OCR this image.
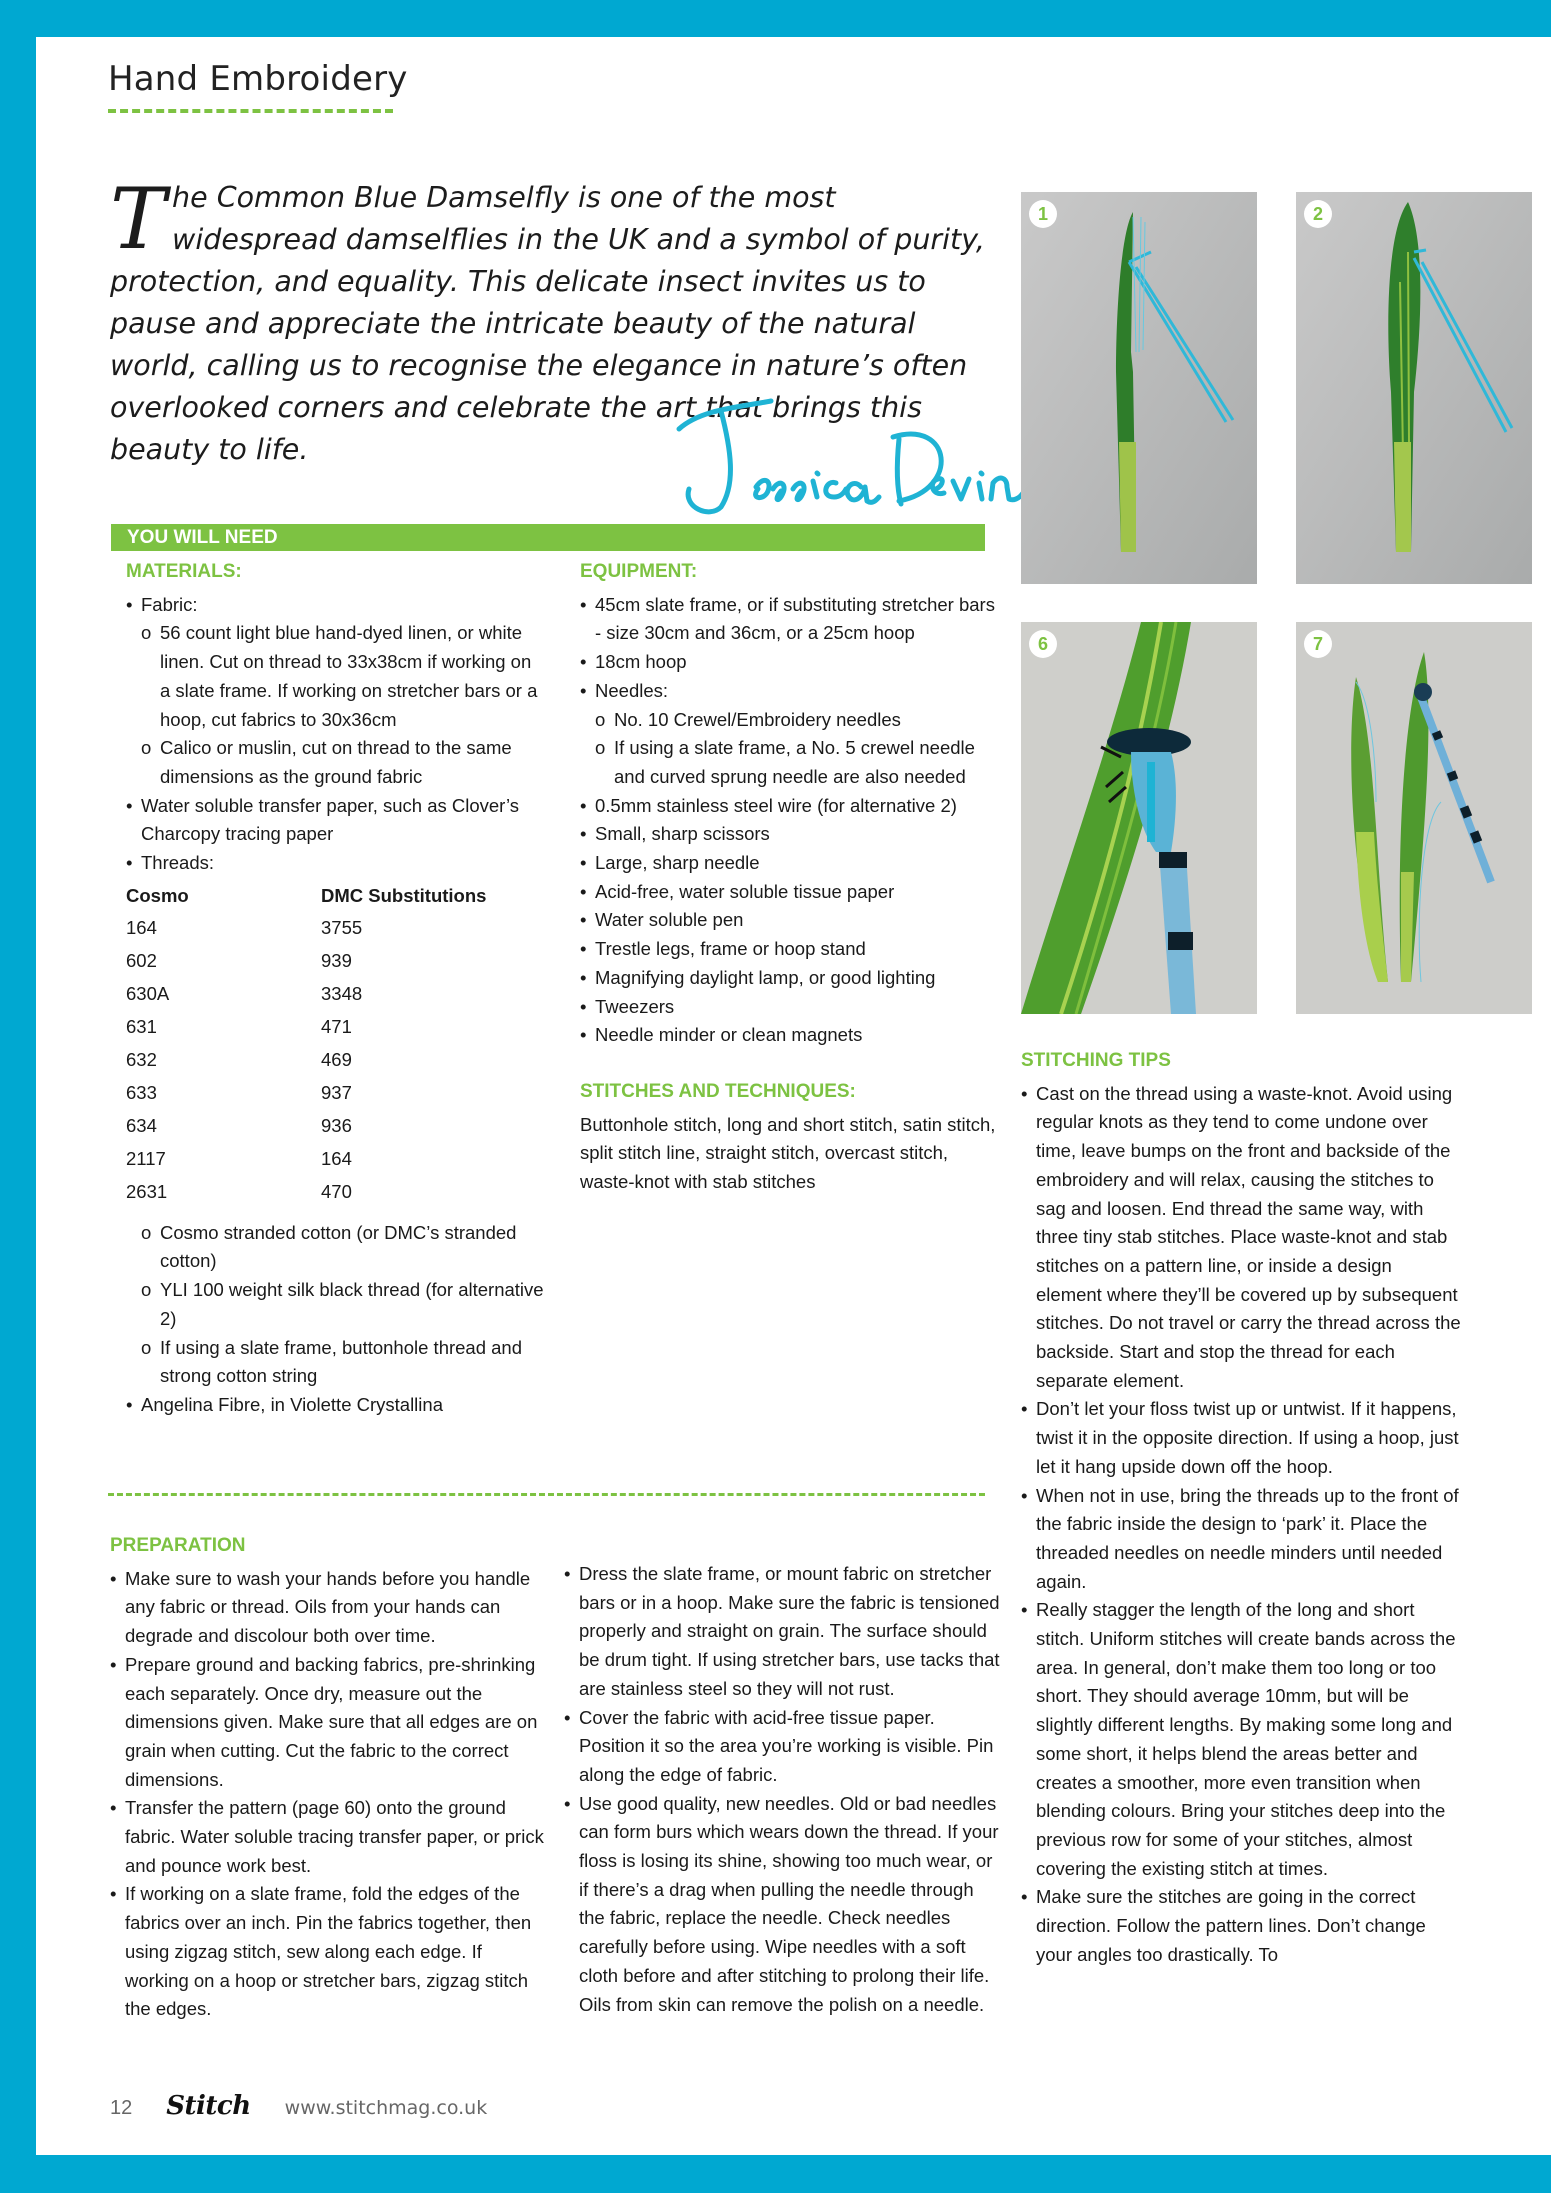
Hand Embroidery
T he Common Blue Damselfly is one of the most widespread damselflies in the UK and a symbol of purity, protection, and equality. This delicate insect invites us to pause and appreciate the intricate beauty of the natural world, calling us to recognise the elegance in nature’s often overlooked corners and celebrate the art that brings this beauty to life.

YOU WILL NEED
MATERIALS:
• Fabric:
o 56 count light blue hand-dyed linen, or white linen. Cut on thread to 33x38cm if working on a slate frame. If working on stretcher bars or a hoop, cut fabrics to 30x36cm
o Calico or muslin, cut on thread to the same dimensions as the ground fabric
• Water soluble transfer paper, such as Clover’s Charcopy tracing paper
• Threads:
Cosmo	DMC Substitutions
164	3755
602	939
630A	3348
631	471
632	469
633	937
634	936
2117	164
2631	470
o Cosmo stranded cotton (or DMC’s stranded cotton)
o YLI 100 weight silk black thread (for alternative 2)
o If using a slate frame, buttonhole thread and strong cotton string
• Angelina Fibre, in Violette Crystallina
EQUIPMENT:
• 45cm slate frame, or if substituting stretcher bars - size 30cm and 36cm, or a 25cm hoop
• 18cm hoop
• Needles:
o No. 10 Crewel/Embroidery needles
o If using a slate frame, a No. 5 crewel needle and curved sprung needle are also needed
• 0.5mm stainless steel wire (for alternative 2)
• Small, sharp scissors
• Large, sharp needle
• Acid-free, water soluble tissue paper
• Water soluble pen
• Trestle legs, frame or hoop stand
• Magnifying daylight lamp, or good lighting
• Tweezers
• Needle minder or clean magnets
STITCHES AND TECHNIQUES:
Buttonhole stitch, long and short stitch, satin stitch, split stitch line, straight stitch, overcast stitch, waste-knot with stab stitches
PREPARATION
• Make sure to wash your hands before you handle any fabric or thread. Oils from your hands can degrade and discolour both over time.
• Prepare ground and backing fabrics, pre-shrinking each separately. Once dry, measure out the dimensions given. Make sure that all edges are on grain when cutting. Cut the fabric to the correct dimensions.
• Transfer the pattern (page 60) onto the ground fabric. Water soluble tracing transfer paper, or prick and pounce work best.
• If working on a slate frame, fold the edges of the fabrics over an inch. Pin the fabrics together, then using zigzag stitch, sew along each edge. If working on a hoop or stretcher bars, zigzag stitch the edges.
• Dress the slate frame, or mount fabric on stretcher bars or in a hoop. Make sure the fabric is tensioned properly and straight on grain. The surface should be drum tight. If using stretcher bars, use tacks that are stainless steel so they will not rust.
• Cover the fabric with acid-free tissue paper. Position it so the area you’re working is visible. Pin along the edge of fabric.
• Use good quality, new needles. Old or bad needles can form burs which wears down the thread. If your floss is losing its shine, showing too much wear, or if there’s a drag when pulling the needle through the fabric, replace the needle. Check needles carefully before using. Wipe needles with a soft cloth before and after stitching to prolong their life. Oils from skin can remove the polish on a needle.
STITCHING TIPS
• Cast on the thread using a waste-knot. Avoid using regular knots as they tend to come undone over time, leave bumps on the front and backside of the embroidery and will relax, causing the stitches to sag and loosen. End thread the same way, with three tiny stab stitches. Place waste-knot and stab stitches on a pattern line, or inside a design element where they’ll be covered up by subsequent stitches. Do not travel or carry the thread across the backside. Start and stop the thread for each separate element.
• Don’t let your floss twist up or untwist. If it happens, twist it in the opposite direction. If using a hoop, just let it hang upside down off the hoop.
• When not in use, bring the threads up to the front of the fabric inside the design to ‘park’ it. Place the threaded needles on needle minders until needed again.
• Really stagger the length of the long and short stitch. Uniform stitches will create bands across the area. In general, don’t make them too long or too short. They should average 10mm, but will be slightly different lengths. By making some long and some short, it helps blend the areas better and creates a smoother, more even transition when blending colours. Bring your stitches deep into the previous row for some of your stitches, almost covering the existing stitch at times.
• Make sure the stitches are going in the correct direction. Follow the pattern lines. Don’t change your angles too drastically. To
1	2
6	7
12 Stitch www.stitchmag.co.uk
